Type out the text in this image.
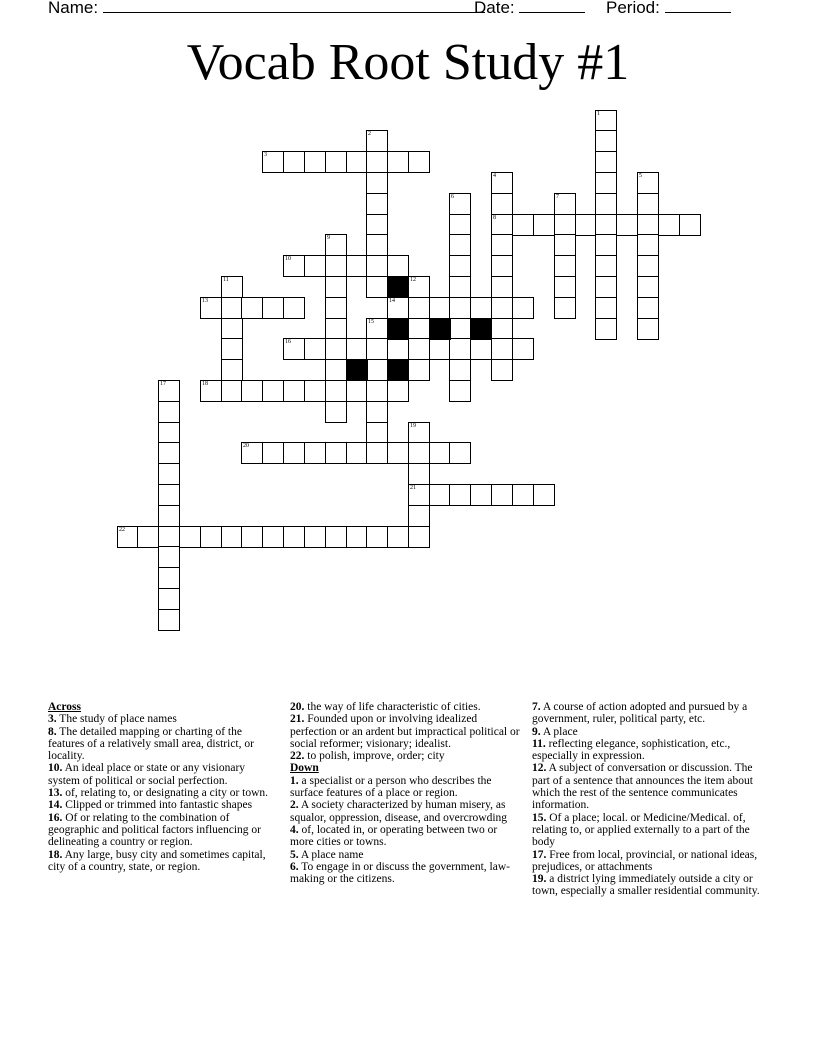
Name:	Date:	Period:
Vocab Root Study #1
1
2
3
4	5
6	7
8
9
10
11	12
13	14
15
16
17	18
19
20
21
22
Across
3. The study of place names
8. The detailed mapping or charting of the features of a relatively small area, district, or locality.
10. An ideal place or state or any visionary system of political or social perfection.
13. of, relating to, or designating a city or town.
14. Clipped or trimmed into fantastic shapes
16. Of or relating to the combination of geographic and political factors influencing or delineating a country or region.
18. Any large, busy city and sometimes capital, city of a country, state, or region.
20. the way of life characteristic of cities.
21. Founded upon or involving idealized perfection or an ardent but impractical political or social reformer; visionary; idealist.
22. to polish, improve, order; city
Down
1. a specialist or a person who describes the surface features of a place or region.
2. A society characterized by human misery, as squalor, oppression, disease, and overcrowding
4. of, located in, or operating between two or more cities or towns.
5. A place name
6. To engage in or discuss the government, law-making or the citizens.
7. A course of action adopted and pursued by a government, ruler, political party, etc.
9. A place
11. reflecting elegance, sophistication, etc., especially in expression.
12. A subject of conversation or discussion. The part of a sentence that announces the item about which the rest of the sentence communicates information.
15. Of a place; local. or Medicine/Medical. of, relating to, or applied externally to a part of the body
17. Free from local, provincial, or national ideas, prejudices, or attachments
19. a district lying immediately outside a city or town, especially a smaller residential community.
